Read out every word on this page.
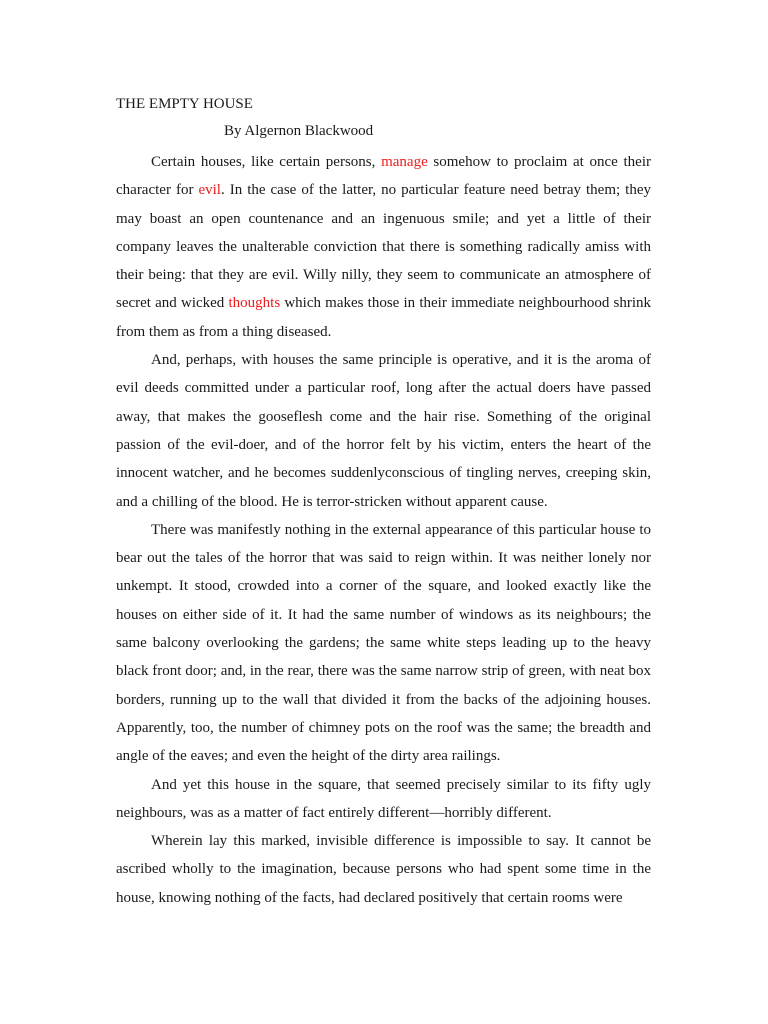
THE EMPTY HOUSE

By Algernon Blackwood

Certain houses, like certain persons, manage somehow to proclaim at once their character for evil. In the case of the latter, no particular feature need betray them; they may boast an open countenance and an ingenuous smile; and yet a little of their company leaves the unalterable conviction that there is something radically amiss with their being: that they are evil. Willy nilly, they seem to communicate an atmosphere of secret and wicked thoughts which makes those in their immediate neighbourhood shrink from them as from a thing diseased.

And, perhaps, with houses the same principle is operative, and it is the aroma of evil deeds committed under a particular roof, long after the actual doers have passed away, that makes the gooseflesh come and the hair rise. Something of the original passion of the evil-doer, and of the horror felt by his victim, enters the heart of the innocent watcher, and he becomes suddenlyconscious of tingling nerves, creeping skin, and a chilling of the blood. He is terror-stricken without apparent cause.

There was manifestly nothing in the external appearance of this particular house to bear out the tales of the horror that was said to reign within. It was neither lonely nor unkempt. It stood, crowded into a corner of the square, and looked exactly like the houses on either side of it. It had the same number of windows as its neighbours; the same balcony overlooking the gardens; the same white steps leading up to the heavy black front door; and, in the rear, there was the same narrow strip of green, with neat box borders, running up to the wall that divided it from the backs of the adjoining houses. Apparently, too, the number of chimney pots on the roof was the same; the breadth and angle of the eaves; and even the height of the dirty area railings.

And yet this house in the square, that seemed precisely similar to its fifty ugly neighbours, was as a matter of fact entirely different—horribly different.

Wherein lay this marked, invisible difference is impossible to say. It cannot be ascribed wholly to the imagination, because persons who had spent some time in the house, knowing nothing of the facts, had declared positively that certain rooms were
